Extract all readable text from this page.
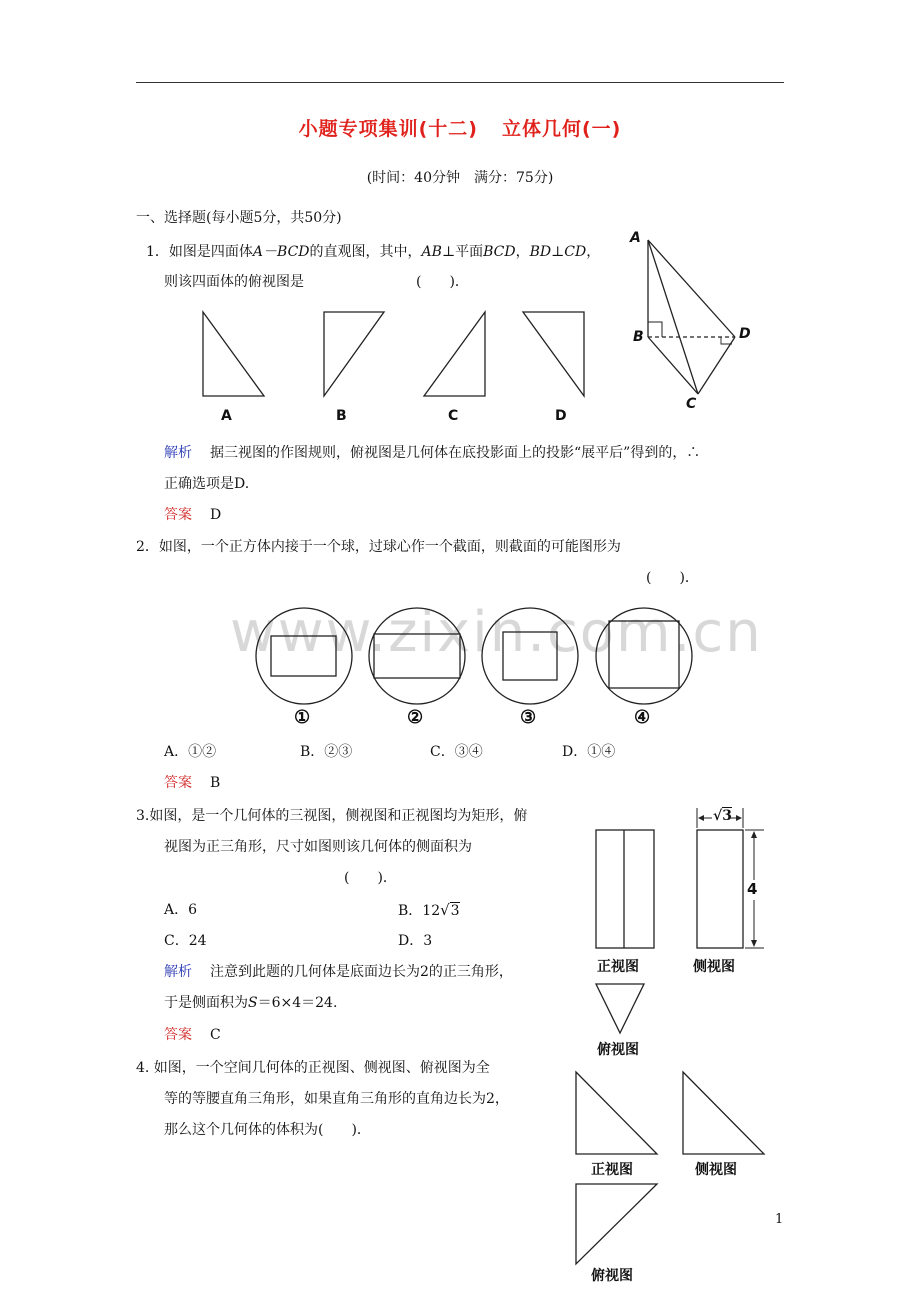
小题专项集训(十二) 立体几何(一)
(时间：40分钟 满分：75分)
www.zixin.com.cn
一、选择题(每小题5分，共50分)
1．如图是四面体A－BCD的直观图，其中，AB⊥平面BCD，BD⊥CD，
则该四面体的俯视图是	(　　)．
A	B	C	D
A
B
C
D
解析 据三视图的作图规则，俯视图是几何体在底投影面上的投影“展平后”得到的，∴
正确选项是D.
答案 D
2．如图，一个正方体内接于一个球，过球心作一个截面，则截面的可能图形为
(　　)．
①	②	③	④
A．①②	B．②③	C．③④	D．①④
答案 B
3.如图，是一个几何体的三视图，侧视图和正视图均为矩形，俯
视图为正三角形，尺寸如图则该几何体的侧面积为
(　　)．
A．6	B．12√3
C．24	D．3
解析 注意到此题的几何体是底面边长为2的正三角形，
于是侧面积为S＝6×4＝24.
答案 C
√3
4
正视图	侧视图
俯视图
4. 如图，一个空间几何体的正视图、侧视图、俯视图为全
等的等腰直角三角形，如果直角三角形的直角边长为2，
那么这个几何体的体积为(　　)．
正视图	侧视图
俯视图
1
